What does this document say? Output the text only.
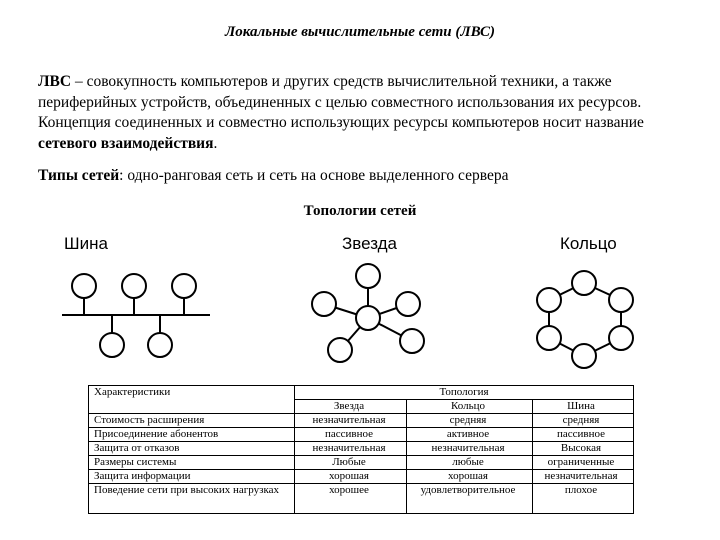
Локальные вычислительные сети (ЛВС)
ЛВС – совокупность компьютеров и других средств вычислительной техники, а также периферийных устройств, объединенных с целью совместного использования их ресурсов. Концепция соединенных и совместно использующих ресурсы компьютеров носит название сетевого взаимодействия.
Типы сетей: одно-ранговая сеть и сеть на основе выделенного сервера
Топологии сетей
Шина	Звезда	Кольцо
Характеристики	Топология
Звезда	Кольцо	Шина
Стоимость расширения	незначительная	средняя	средняя
Присоединение абонентов	пассивное	активное	пассивное
Защита от отказов	незначительная	незначительная	Высокая
Размеры системы	Любые	любые	ограниченные
Защита информации	хорошая	хорошая	незначительная
Поведение сети при высоких нагрузках	хорошее	удовлетворительное	плохое
